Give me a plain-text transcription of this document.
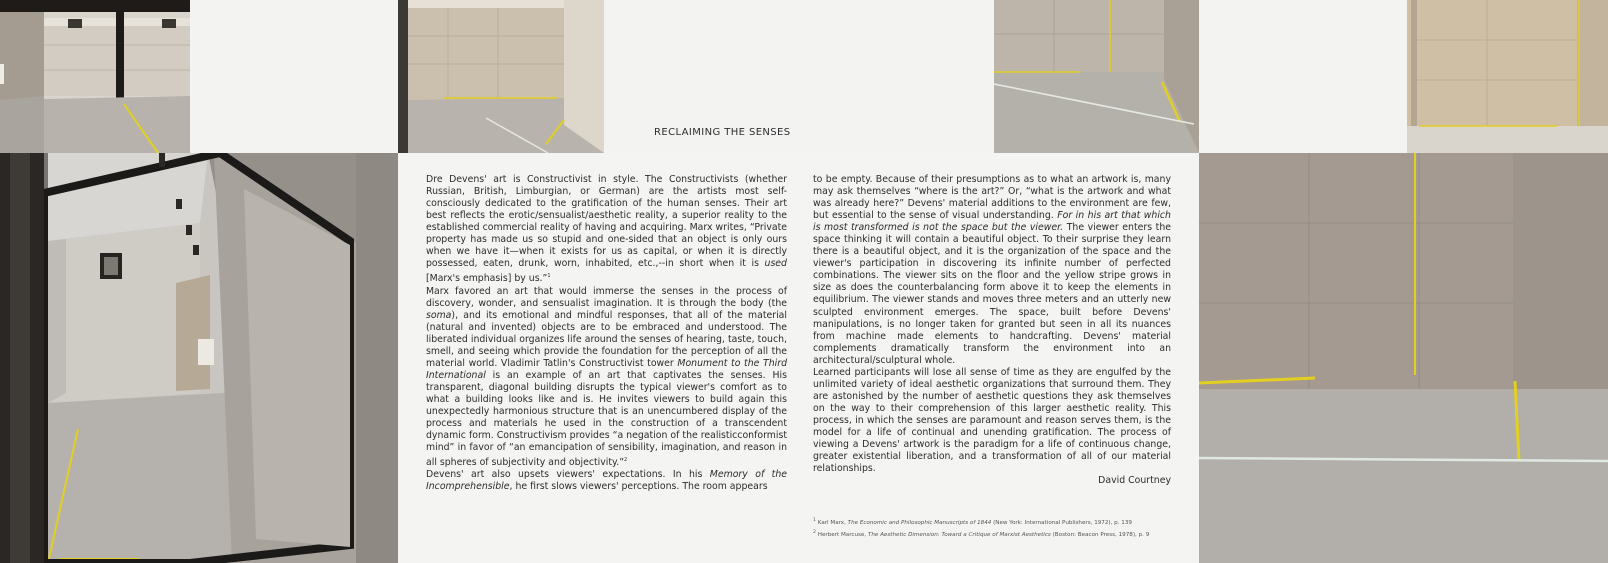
RECLAIMING THE SENSES

Dre Devens' art is Constructivist in style. The Constructivists (whether Russian, British, Limburgian, or German) are the artists most self-consciously dedicated to the gratification of the human senses. Their art best reflects the erotic/sensualist/aesthetic reality, a superior reality to the established commercial reality of having and acquiring. Marx writes, “Private property has made us so stupid and one-sided that an object is only ours when we have it—when it exists for us as capital, or when it is directly possessed, eaten, drunk, worn, inhabited, etc.,--in short when it is used [Marx's emphasis] by us.”$^1$

Marx favored an art that would immerse the senses in the process of discovery, wonder, and sensualist imagination. It is through the body (the soma), and its emotional and mindful responses, that all of the material (natural and invented) objects are to be embraced and understood. The liberated individual organizes life around the senses of hearing, taste, touch, smell, and seeing which provide the foundation for the perception of all the material world. Vladimir Tatlin's Constructivist tower Monument to the Third International is an example of an art that captivates the senses. His transparent, diagonal building disrupts the typical viewer's comfort as to what a building looks like and is. He invites viewers to build again this unexpectedly harmonious structure that is an unencumbered display of the process and materials he used in the construction of a transcendent dynamic form. Constructivism provides “a negation of the realisticconformist mind” in favor of “an emancipation of sensibility, imagination, and reason in all spheres of subjectivity and objectivity.”$^2$

Devens' art also upsets viewers' expectations. In his Memory of the Incomprehensible, he first slows viewers' perceptions. The room appears

to be empty. Because of their presumptions as to what an artwork is, many may ask themselves “where is the art?” Or, “what is the artwork and what was already here?” Devens' material additions to the environment are few, but essential to the sense of visual understanding. For in his art that which is most transformed is not the space but the viewer. The viewer enters the space thinking it will contain a beautiful object. To their surprise they learn there is a beautiful object, and it is the organization of the space and the viewer's participation in discovering its infinite number of perfected combinations. The viewer sits on the floor and the yellow stripe grows in size as does the counterbalancing form above it to keep the elements in equilibrium. The viewer stands and moves three meters and an utterly new sculpted environment emerges. The space, built before Devens' manipulations, is no longer taken for granted but seen in all its nuances from machine made elements to handcrafting. Devens' material complements dramatically transform the environment into an architectural/sculptural whole.

Learned participants will lose all sense of time as they are engulfed by the unlimited variety of ideal aesthetic organizations that surround them. They are astonished by the number of aesthetic questions they ask themselves on the way to their comprehension of this larger aesthetic reality. This process, in which the senses are paramount and reason serves them, is the model for a life of continual and unending gratification. The process of viewing a Devens' artwork is the paradigm for a life of continuous change, greater existential liberation, and a transformation of all of our material relationships.

David Courtney

$^1$ Karl Marx, The Economic and Philosophic Manuscripts of 1844 (New York: International Publishers, 1972), p. 139
$^2$ Herbert Marcuse, The Aesthetic Dimension: Toward a Critique of Marxist Aesthetics (Boston: Beacon Press, 1978), p. 9
